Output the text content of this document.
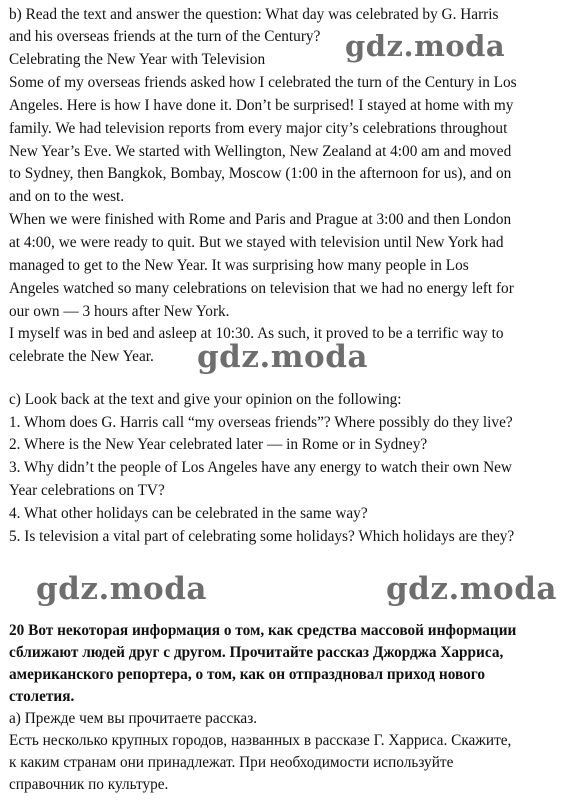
b) Read the text and answer the question: What day was celebrated by G. Harris
and his overseas friends at the turn of the Century?
Celebrating the New Year with Television
Some of my overseas friends asked how I celebrated the turn of the Century in Los
Angeles. Here is how I have done it. Don’t be surprised! I stayed at home with my
family. We had television reports from every major city’s celebrations throughout
New Year’s Eve. We started with Wellington, New Zealand at 4:00 am and moved
to Sydney, then Bangkok, Bombay, Moscow (1:00 in the afternoon for us), and on
and on to the west.
When we were finished with Rome and Paris and Prague at 3:00 and then London
at 4:00, we were ready to quit. But we stayed with television until New York had
managed to get to the New Year. It was surprising how many people in Los
Angeles watched so many celebrations on television that we had no energy left for
our own — 3 hours after New York.
I myself was in bed and asleep at 10:30. As such, it proved to be a terrific way to
celebrate the New Year.
c) Look back at the text and give your opinion on the following:
1. Whom does G. Harris call “my overseas friends”? Where possibly do they live?
2. Where is the New Year celebrated later — in Rome or in Sydney?
3. Why didn’t the people of Los Angeles have any energy to watch their own New
Year celebrations on TV?
4. What other holidays can be celebrated in the same way?
5. Is television a vital part of celebrating some holidays? Which holidays are they?
20 Вот некоторая информация о том, как средства массовой информации
сближают людей друг с другом. Прочитайте рассказ Джорджа Харриса,
американского репортера, о том, как он отпраздновал приход нового
столетия.
a) Прежде чем вы прочитаете рассказ.
Есть несколько крупных городов, названных в рассказе Г. Харриса. Скажите,
к каким странам они принадлежат. При необходимости используйте
справочник по культуре.
gdz.moda
gdz.moda
gdz.moda	gdz.moda
